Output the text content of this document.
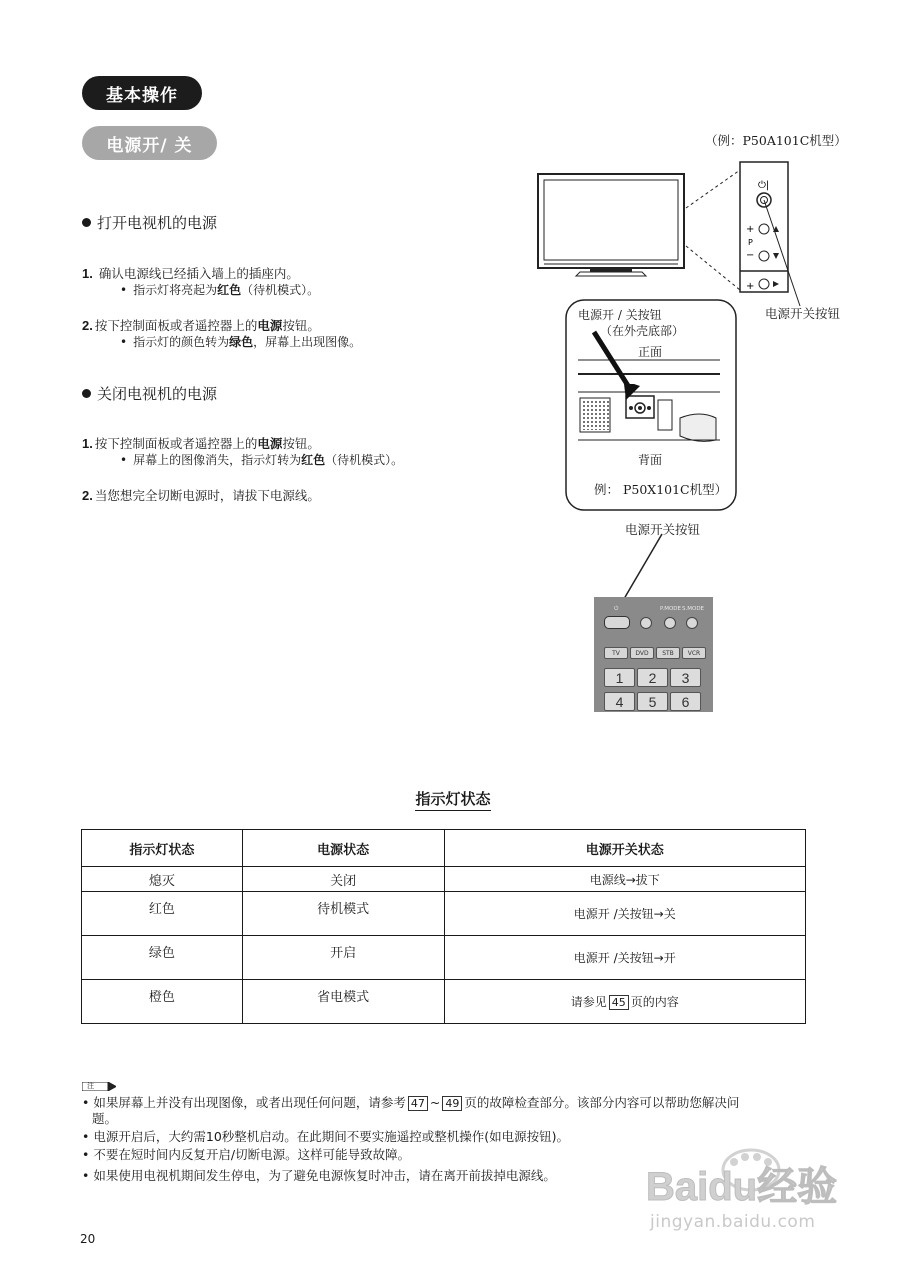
基本操作
电源开/ 关
打开电视机的电源
1. 确认电源线已经插入墙上的插座内。
• 指示灯将亮起为红色（待机模式）。
2. 按下控制面板或者遥控器上的电源按钮。
• 指示灯的颜色转为绿色，屏幕上出现图像。
关闭电视机的电源
1. 按下控制面板或者遥控器上的电源按钮。
• 屏幕上的图像消失，指示灯转为红色（待机模式）。
2. 当您想完全切断电源时，请拔下电源线。
⏻|
+
P
−
+
（例：P50A101C机型）
电源开关按钮
电源开 / 关按钮
（在外壳底部）
正面
背面
例： P50X101C机型）
电源开关按钮
⏻	P.MODE S.MODE
TV	DVD	STB	VCR
1	2	3
4	5	6
指示灯状态
指示灯状态	电源状态	电源开关状态
熄灭	关闭	电源线→拔下
红色	待机模式	电源开 /关按钮→关
绿色	开启	电源开 /关按钮→开
橙色	省电模式	请参见 45 页的内容
注
• 如果屏幕上并没有出现图像，或者出现任何问题，请参考 47 ~ 49 页的故障检查部分。该部分内容可以帮助您解决问
题。
• 电源开启后，大约需10秒整机启动。在此期间不要实施遥控或整机操作(如电源按钮)。
• 不要在短时间内反复开启/切断电源。这样可能导致故障。
• 如果使用电视机期间发生停电，为了避免电源恢复时冲击，请在离开前拔掉电源线。
20
Baidu经验
jingyan.baidu.com
